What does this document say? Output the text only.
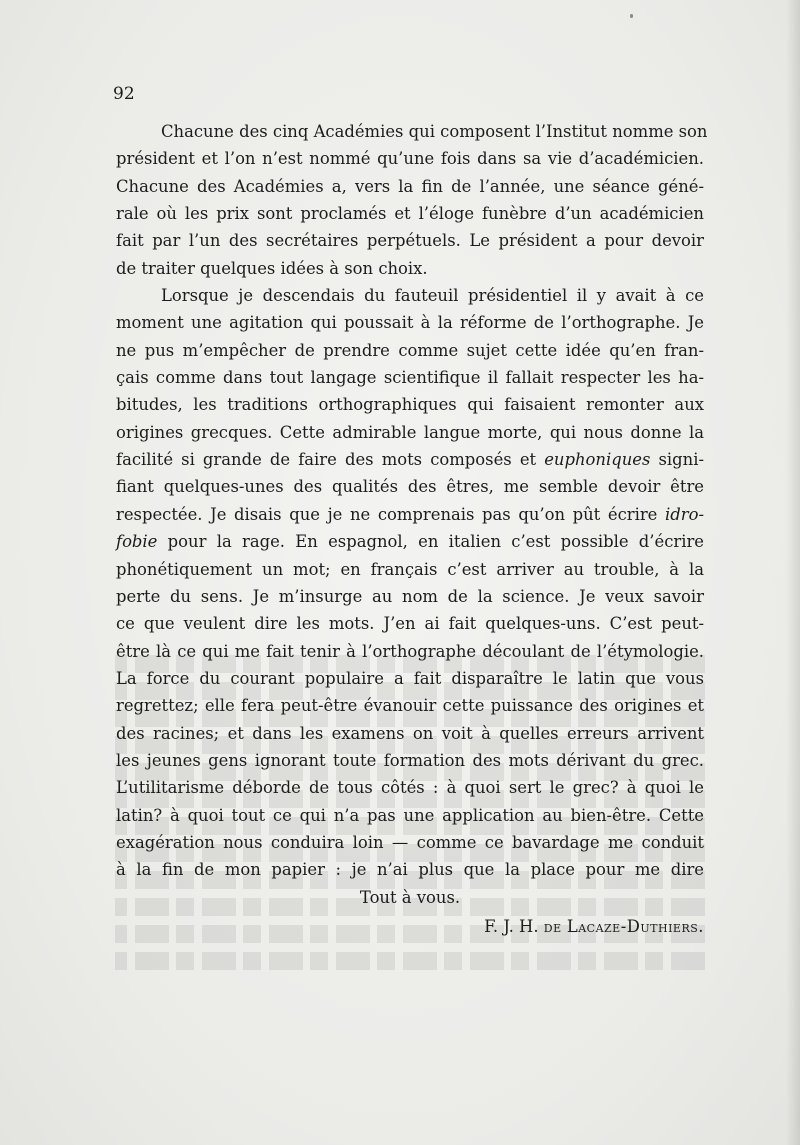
92
Chacune des cinq Académies qui composent l’Institut nomme son
président et l’on n’est nommé qu’une fois dans sa vie d’académicien.
Chacune des Académies a, vers la fin de l’année, une séance géné-
rale où les prix sont proclamés et l’éloge funèbre d’un académicien
fait par l’un des secrétaires perpétuels. Le président a pour devoir
de traiter quelques idées à son choix.
Lorsque je descendais du fauteuil présidentiel il y avait à ce
moment une agitation qui poussait à la réforme de l’orthographe. Je
ne pus m’empêcher de prendre comme sujet cette idée qu’en fran-
çais comme dans tout langage scientifique il fallait respecter les ha-
bitudes, les traditions orthographiques qui faisaient remonter aux
origines grecques. Cette admirable langue morte, qui nous donne la
facilité si grande de faire des mots composés et euphoniques signi-
fiant quelques-unes des qualités des êtres, me semble devoir être
respectée. Je disais que je ne comprenais pas qu’on pût écrire idro-
fobie pour la rage. En espagnol, en italien c’est possible d’écrire
phonétiquement un mot; en français c’est arriver au trouble, à la
perte du sens. Je m’insurge au nom de la science. Je veux savoir
ce que veulent dire les mots. J’en ai fait quelques-uns. C’est peut-
être là ce qui me fait tenir à l’orthographe découlant de l’étymologie.
La force du courant populaire a fait disparaître le latin que vous
regrettez; elle fera peut-être évanouir cette puissance des origines et
des racines; et dans les examens on voit à quelles erreurs arrivent
les jeunes gens ignorant toute formation des mots dérivant du grec.
L’utilitarisme déborde de tous côtés : à quoi sert le grec? à quoi le
latin? à quoi tout ce qui n’a pas une application au bien-être. Cette
exagération nous conduira loin — comme ce bavardage me conduit
à la fin de mon papier : je n’ai plus que la place pour me dire
Tout à vous.
F. J. H. de Lacaze-Duthiers.
